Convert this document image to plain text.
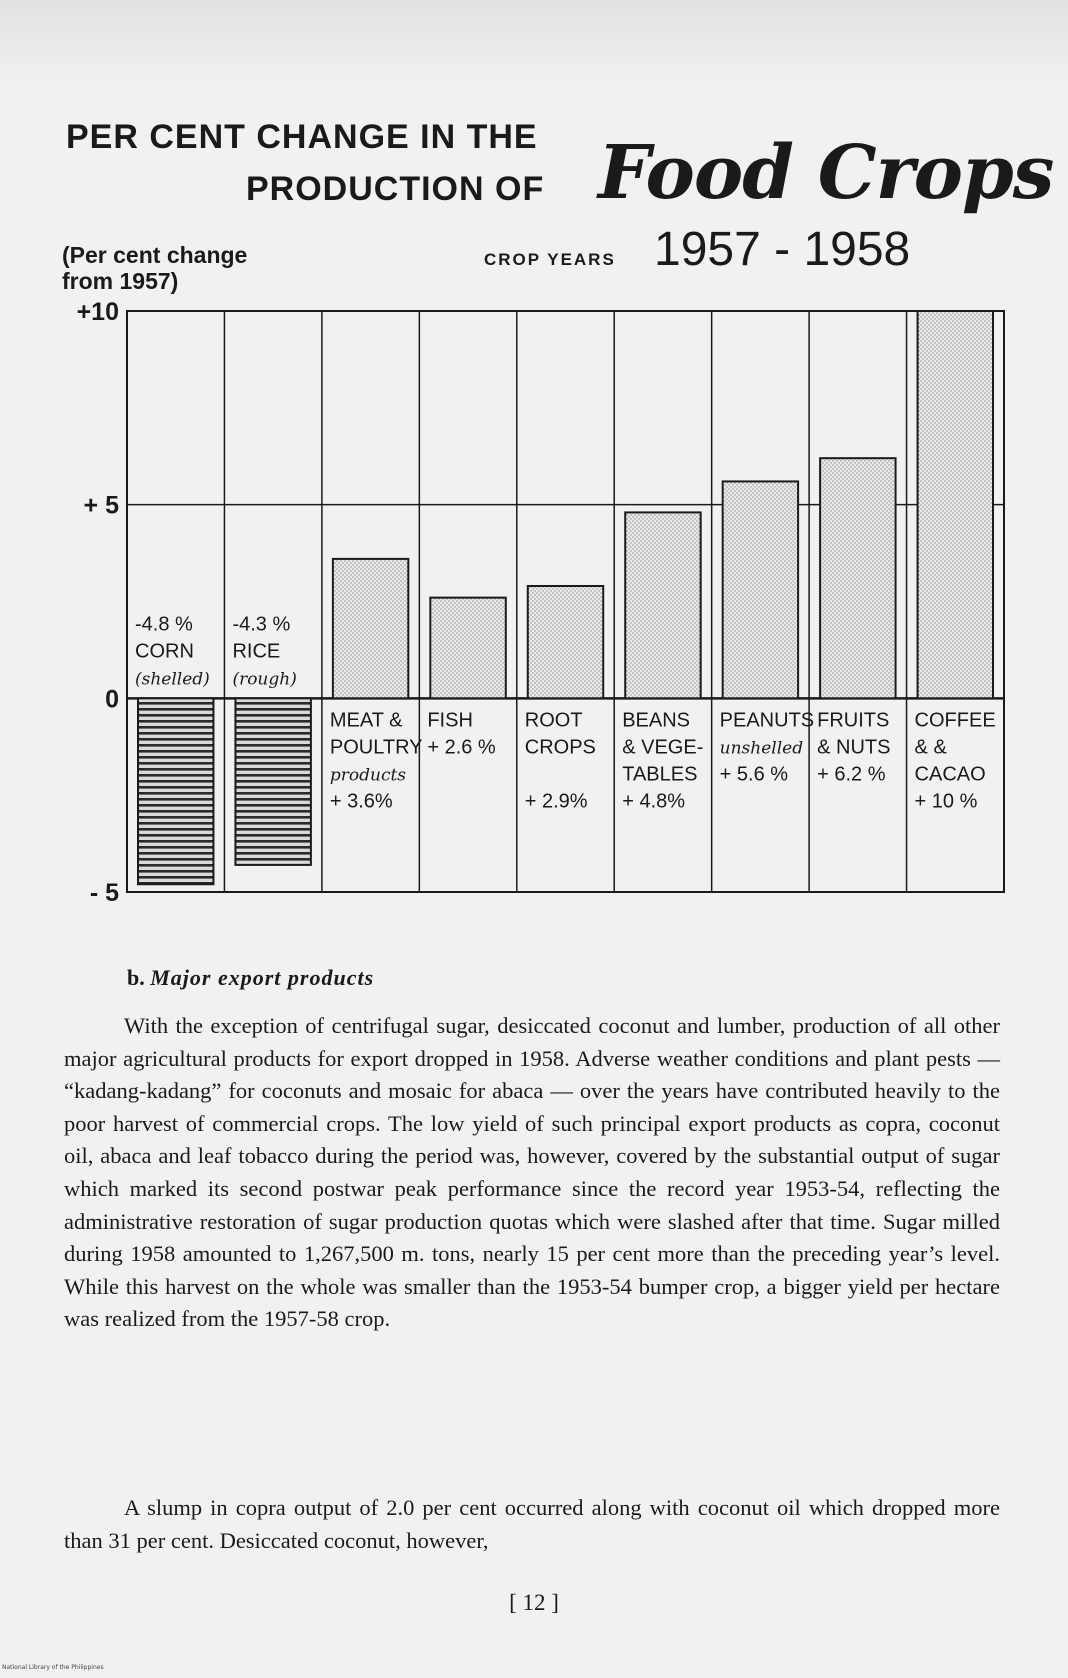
PER CENT CHANGE IN THE
PRODUCTION OF Food Crops
(Per cent change
from 1957)
CROP YEARS 1957 - 1958
-4.8 %
CORN
(shelled)
-4.3 %
RICE
(rough)
MEAT &
POULTRY
products
+ 3.6%
FISH
+ 2.6 %
ROOT
CROPS
+ 2.9%
BEANS
& VEGE-
TABLES
+ 4.8%
PEANUTS
unshelled
+ 5.6 %
FRUITS
& NUTS
+ 6.2 %
COFFEE
& &
CACAO
+ 10 %
+10
+ 5
0
- 5
b. Major export products

With the exception of centrifugal sugar, desiccated coconut and lumber, production of all other major agricultural products for export dropped in 1958. Adverse weather conditions and plant pests — “kadang-kadang” for coconuts and mosaic for abaca — over the years have contributed heavily to the poor harvest of commercial crops. The low yield of such principal export products as copra, coconut oil, abaca and leaf tobacco during the period was, however, covered by the substantial output of sugar which marked its second postwar peak performance since the record year 1953-54, reflecting the administrative restoration of sugar production quotas which were slashed after that time. Sugar milled during 1958 amounted to 1,267,500 m. tons, nearly 15 per cent more than the preceding year’s level. While this harvest on the whole was smaller than the 1953-54 bumper crop, a bigger yield per hectare was realized from the 1957-58 crop.

A slump in copra output of 2.0 per cent occurred along with coconut oil which dropped more than 31 per cent. Desiccated coconut, however,

[ 12 ]
National Library of the Philippines
